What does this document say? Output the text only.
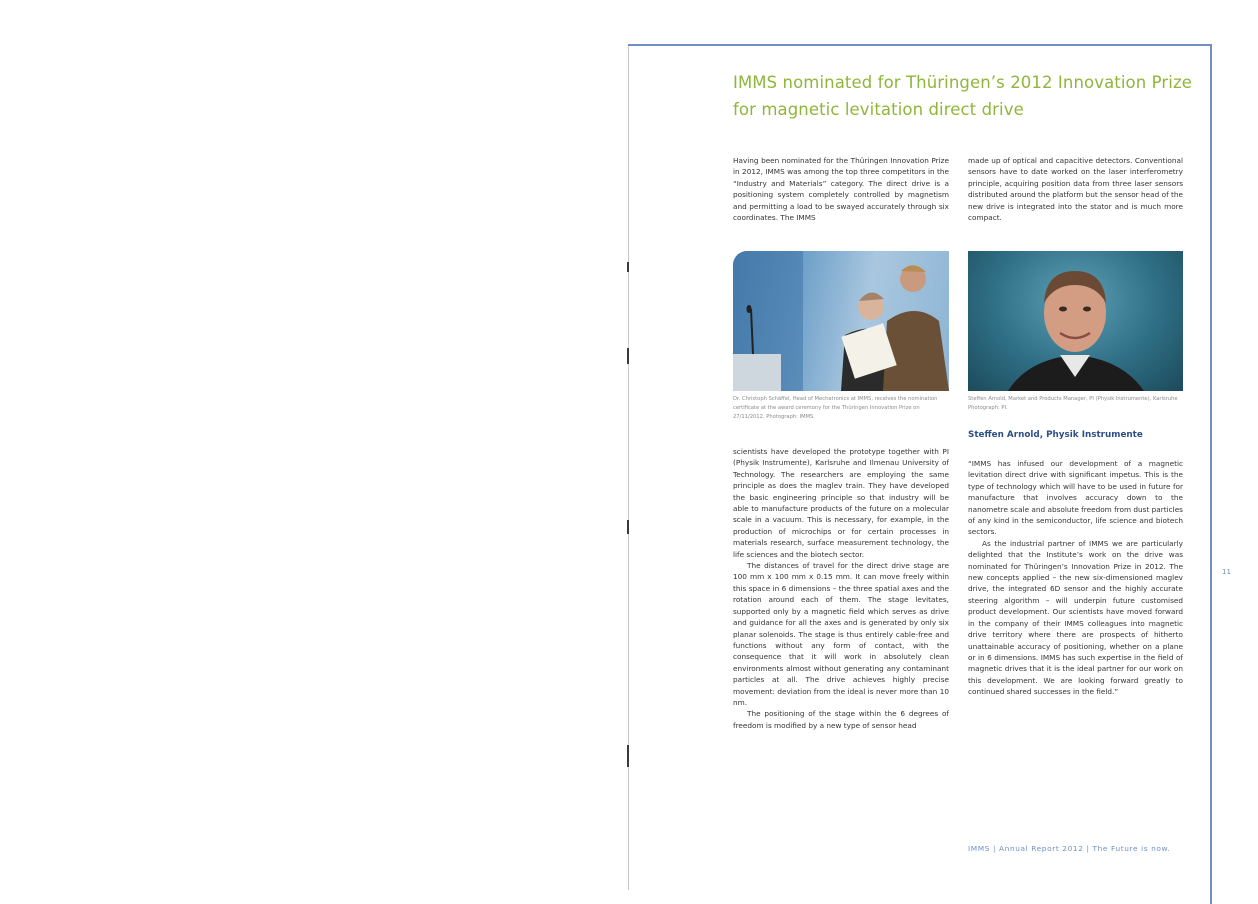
IMMS nominated for Thüringen’s 2012 Innovation Prize for magnetic levitation direct drive

Having been nominated for the Thüringen Innovation Prize in 2012, IMMS was among the top three competitors in the “Industry and Materials” category. The direct drive is a positioning system completely controlled by magnetism and permitting a load to be swayed accurately through six coordinates. The IMMS

made up of optical and capacitive detectors. Conventional sensors have to date worked on the laser interferometry principle, acquiring position data from three laser sensors distributed around the platform but the sensor head of the new drive is integrated into the stator and is much more compact.

Dr. Christoph Schäffel, Head of Mechatronics at IMMS, receives the nomination certificate at the award ceremony for the Thüringen Innovation Prize on 27/11/2012. Photograph: IMMS.

Steffen Arnold, Market and Products Manager, PI (Physik Instrumente), Karlsruhe Photograph: PI.

Steffen Arnold, Physik Instrumente

scientists have developed the prototype together with PI (Physik Instrumente), Karlsruhe and Ilmenau University of Technology. The researchers are employing the same principle as does the maglev train. They have developed the basic engineering principle so that industry will be able to manufacture products of the future on a molecular scale in a vacuum. This is necessary, for example, in the production of microchips or for certain processes in materials research, surface measurement technology, the life sciences and the biotech sector.

The distances of travel for the direct drive stage are 100 mm x 100 mm x 0.15 mm. It can move freely within this space in 6 dimensions – the three spatial axes and the rotation around each of them. The stage levitates, supported only by a magnetic field which serves as drive and guidance for all the axes and is generated by only six planar solenoids. The stage is thus entirely cable-free and functions without any form of contact, with the consequence that it will work in absolutely clean environments almost without generating any contaminant particles at all. The drive achieves highly precise movement: deviation from the ideal is never more than 10 nm.

The positioning of the stage within the 6 degrees of freedom is modified by a new type of sensor head

“IMMS has infused our development of a magnetic levitation direct drive with significant impetus. This is the type of technology which will have to be used in future for manufacture that involves accuracy down to the nanometre scale and absolute freedom from dust particles of any kind in the semiconductor, life science and biotech sectors.

As the industrial partner of IMMS we are particularly delighted that the Institute’s work on the drive was nominated for Thüringen’s Innovation Prize in 2012. The new concepts applied – the new six-dimensioned maglev drive, the integrated 6D sensor and the highly accurate steering algorithm – will underpin future customised product development. Our scientists have moved forward in the company of their IMMS colleagues into magnetic drive territory where there are prospects of hitherto unattainable accuracy of positioning, whether on a plane or in 6 dimensions. IMMS has such expertise in the field of magnetic drives that it is the ideal partner for our work on this development. We are looking forward greatly to continued shared successes in the field.”

11
IMMS | Annual Report 2012 | The Future is now.
